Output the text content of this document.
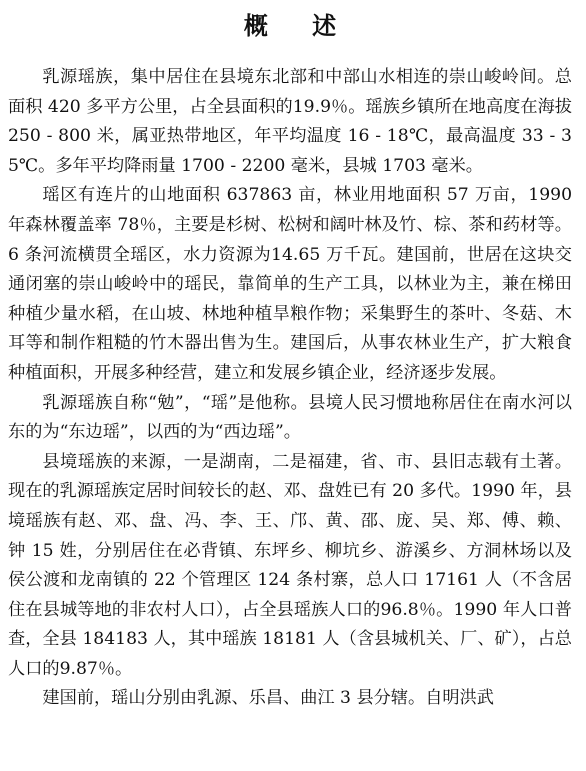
概 述

乳源瑶族，集中居住在县境东北部和中部山水相连的崇山峻岭间。总面积 420 多平方公里，占全县面积的19.9％。瑶族乡镇所在地高度在海拔 250 - 800 米，属亚热带地区，年平均温度 16 - 18℃，最高温度 33 - 35℃。多年平均降雨量 1700 - 2200 毫米，县城 1703 毫米。

瑶区有连片的山地面积 637863 亩，林业用地面积 57 万亩，1990 年森林覆盖率 78％，主要是杉树、松树和阔叶林及竹、棕、茶和药材等。6 条河流横贯全瑶区，水力资源为14.65 万千瓦。建国前，世居在这块交通闭塞的崇山峻岭中的瑶民，靠简单的生产工具，以林业为主，兼在梯田种植少量水稻，在山坡、林地种植旱粮作物；采集野生的茶叶、冬菇、木耳等和制作粗糙的竹木器出售为生。建国后，从事农林业生产，扩大粮食种植面积，开展多种经营，建立和发展乡镇企业，经济逐步发展。

乳源瑶族自称“勉”，“瑶”是他称。县境人民习惯地称居住在南水河以东的为“东边瑶”，以西的为“西边瑶”。

县境瑶族的来源，一是湖南，二是福建，省、市、县旧志载有土著。现在的乳源瑶族定居时间较长的赵、邓、盘姓已有 20 多代。1990 年，县境瑶族有赵、邓、盘、冯、李、王、邝、黄、邵、庞、吴、郑、傅、赖、钟 15 姓，分别居住在必背镇、东坪乡、柳坑乡、游溪乡、方洞林场以及侯公渡和龙南镇的 22 个管理区 124 条村寨，总人口 17161 人（不含居住在县城等地的非农村人口），占全县瑶族人口的96.8％。1990 年人口普查，全县 184183 人，其中瑶族 18181 人（含县城机关、厂、矿），占总人口的9.87％。

建国前，瑶山分别由乳源、乐昌、曲江 3 县分辖。自明洪武
